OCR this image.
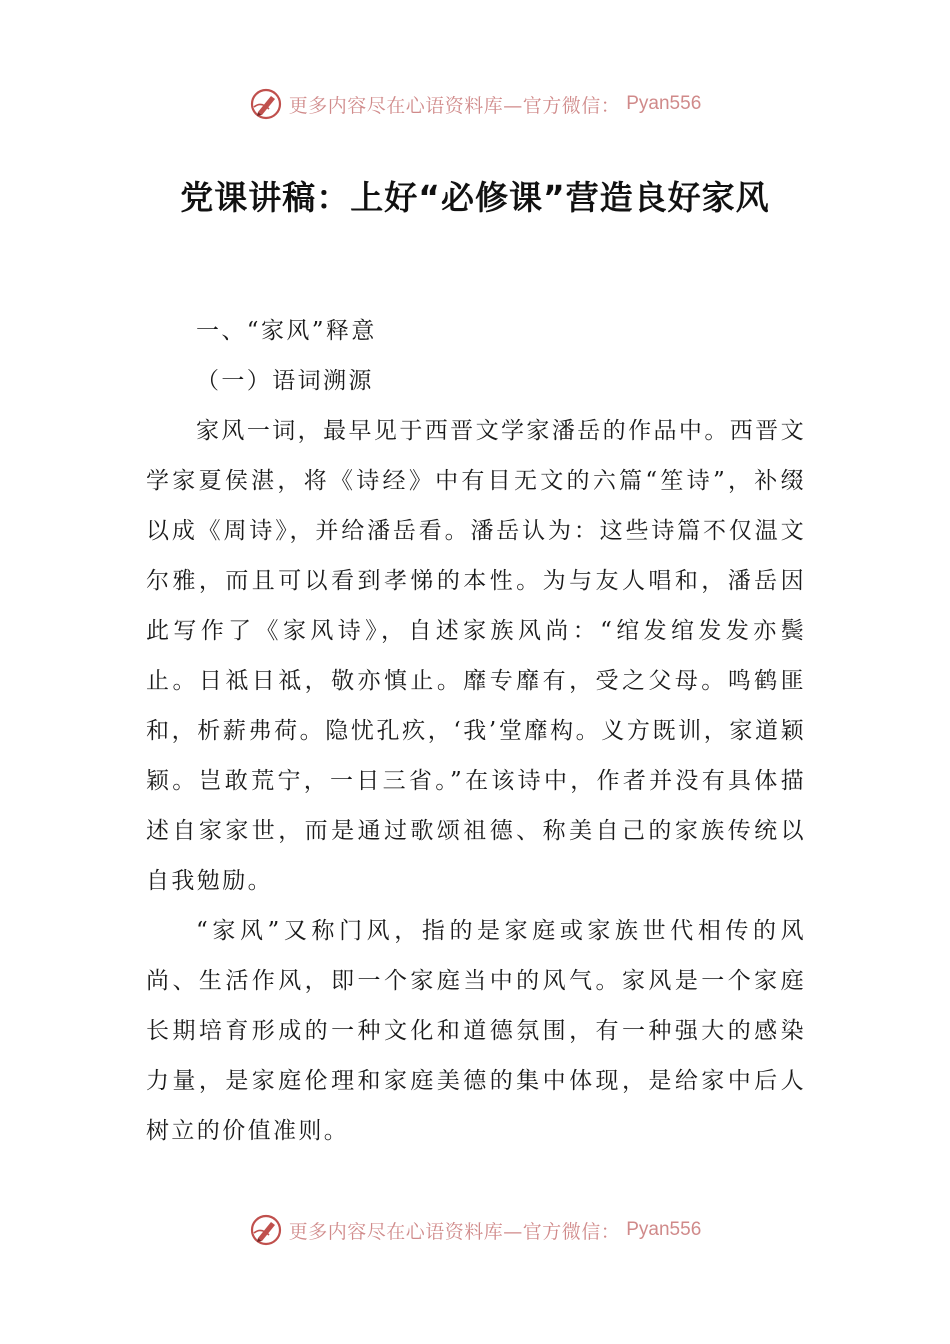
更多内容尽在心语资料库—官方微信： Pyan556
党课讲稿：上好“必修课”营造良好家风
一、“家风”释意
（一）语词溯源

家风一词，最早见于西晋文学家潘岳的作品中。西晋文学家夏侯湛，将《诗经》中有目无文的六篇“笙诗”，补缀以成《周诗》，并给潘岳看。潘岳认为：这些诗篇不仅温文尔雅，而且可以看到孝悌的本性。为与友人唱和，潘岳因此写作了《家风诗》，自述家族风尚：“绾发绾发发亦鬓止。日祗日祗，敬亦慎止。靡专靡有，受之父母。鸣鹤匪和，析薪弗荷。隐忧孔疚，‘我’堂靡构。义方既训，家道颖颖。岂敢荒宁，一日三省。”在该诗中，作者并没有具体描述自家家世，而是通过歌颂祖德、称美自己的家族传统以自我勉励。

“家风”又称门风，指的是家庭或家族世代相传的风尚、生活作风，即一个家庭当中的风气。家风是一个家庭长期培育形成的一种文化和道德氛围，有一种强大的感染力量，是家庭伦理和家庭美德的集中体现，是给家中后人树立的价值准则。

更多内容尽在心语资料库—官方微信： Pyan556
